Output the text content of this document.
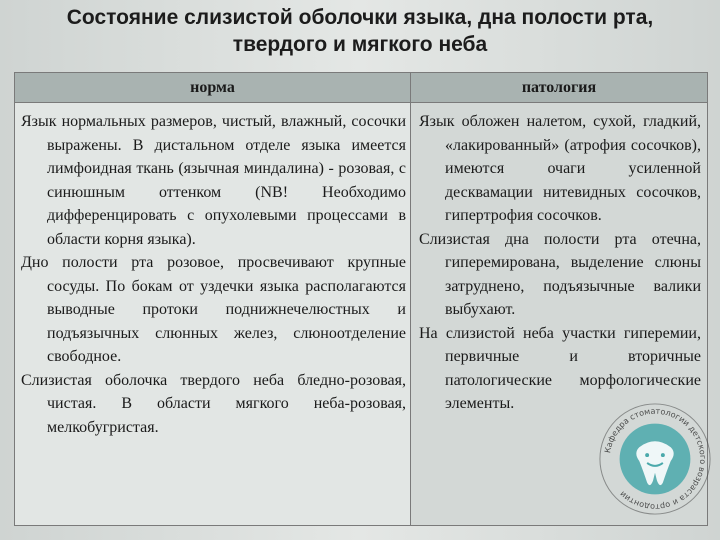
Состояние слизистой оболочки языка, дна полости рта,
твердого и мягкого неба
норма	патология

Язык нормальных размеров, чистый, влажный, сосочки выражены. В дистальном отделе языка имеется лимфоидная ткань (язычная миндалина) - розовая, с синюшным оттенком (NB! Необходимо дифференцировать с опухолевыми процессами в области корня языка).

Дно полости рта розовое, просвечивают крупные сосуды. По бокам от уздечки языка располагаются выводные протоки поднижнечелюстных и подъязычных слюнных желез, слюноотделение свободное.

Слизистая оболочка твердого неба бледно-розовая, чистая. В области мягкого неба-розовая, мелкобугристая.

Язык обложен налетом, сухой, гладкий, «лакированный» (атрофия сосочков), имеются очаги усиленной десквамации нитевидных сосочков, гипертрофия сосочков.

Слизистая дна полости рта отечна, гиперемирована, выделение слюны затруднено, подъязычные валики выбухают.

На слизистой неба участки гиперемии, первичные и вторичные патологические морфологические элементы.

Кафедра стоматологии детского возраста и ортодонтии
